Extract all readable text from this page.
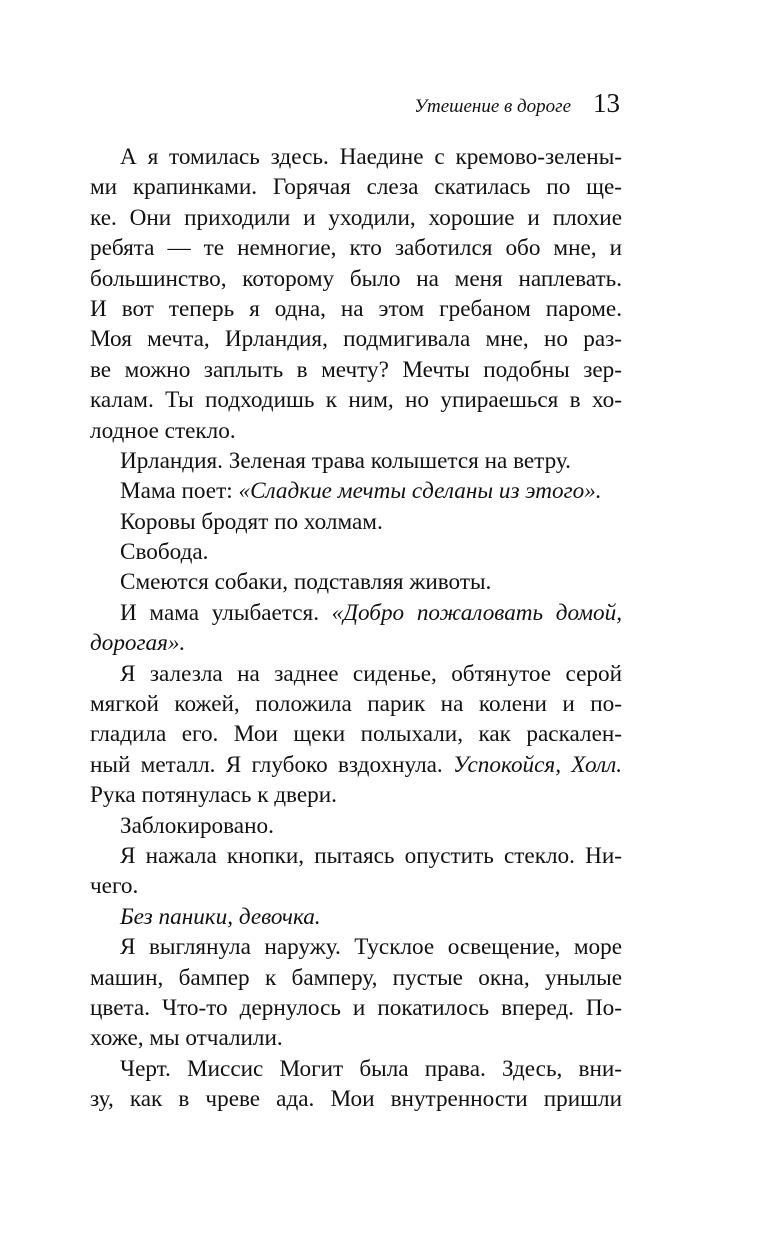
Утешение в дороге 13
А я томилась здесь. Наедине с кремово-зелены-
ми крапинками. Горячая слеза скатилась по ще-
ке. Они приходили и уходили, хорошие и плохие
ребята — те немногие, кто заботился обо мне, и
большинство, которому было на меня наплевать.
И вот теперь я одна, на этом гребаном пароме.
Моя мечта, Ирландия, подмигивала мне, но раз-
ве можно заплыть в мечту? Мечты подобны зер-
калам. Ты подходишь к ним, но упираешься в хо-
лодное стекло.
Ирландия. Зеленая трава колышется на ветру.
Мама поет: «Сладкие мечты сделаны из этого».
Коровы бродят по холмам.
Свобода.
Смеются собаки, подставляя животы.
И мама улыбается. «Добро пожаловать домой,
дорогая».
Я залезла на заднее сиденье, обтянутое серой
мягкой кожей, положила парик на колени и по-
гладила его. Мои щеки полыхали, как раскален-
ный металл. Я глубоко вздохнула. Успокойся, Холл.
Рука потянулась к двери.
Заблокировано.
Я нажала кнопки, пытаясь опустить стекло. Ни-
чего.
Без паники, девочка.
Я выглянула наружу. Тусклое освещение, море
машин, бампер к бамперу, пустые окна, унылые
цвета. Что-то дернулось и покатилось вперед. По-
хоже, мы отчалили.
Черт. Миссис Могит была права. Здесь, вни-
зу, как в чреве ада. Мои внутренности пришли
